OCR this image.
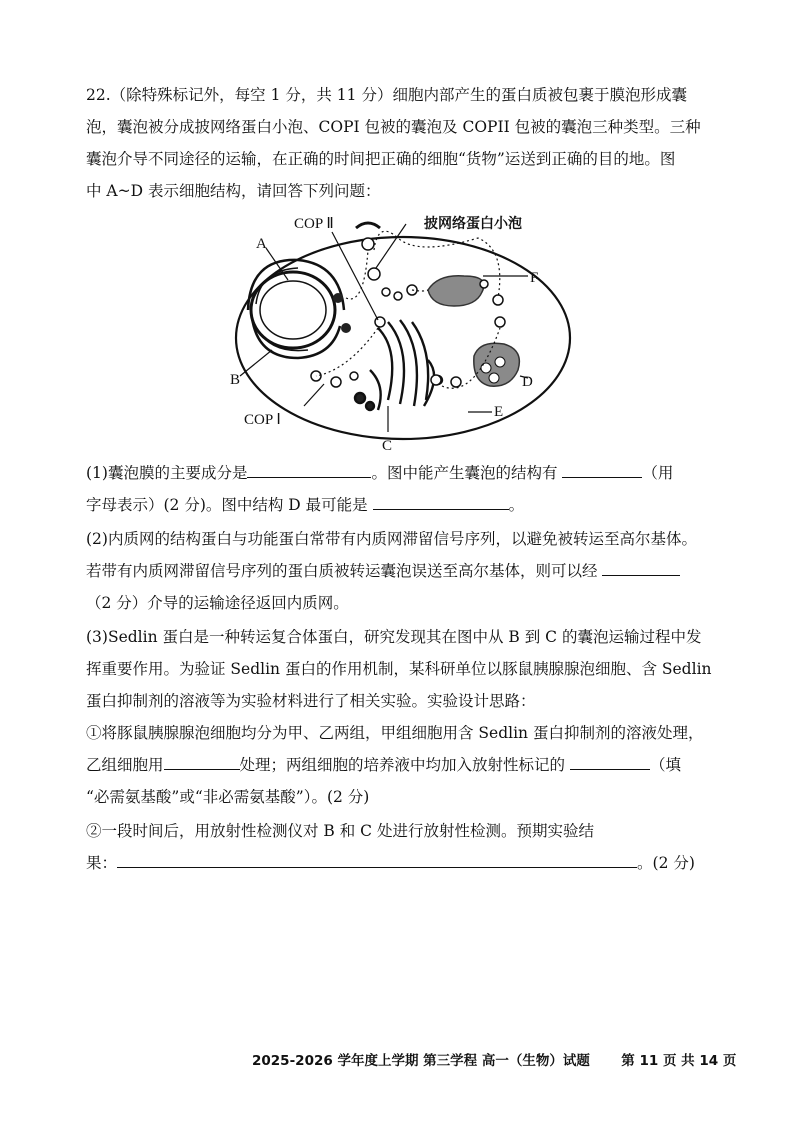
22.（除特殊标记外，每空 1 分，共 11 分）细胞内部产生的蛋白质被包裹于膜泡形成囊
泡，囊泡被分成披网络蛋白小泡、COPI 包被的囊泡及 COPII 包被的囊泡三种类型。三种
囊泡介导不同途径的运输，在正确的时间把正确的细胞“货物”运送到正确的目的地。图
中 A~D 表示细胞结构，请回答下列问题：
COP Ⅱ	披网络蛋白小泡
A
B
C
D
E
F
COP Ⅰ
(1)囊泡膜的主要成分是	。图中能产生囊泡的结构有	（用
字母表示）(2 分)。图中结构 D 最可能是	。
(2)内质网的结构蛋白与功能蛋白常带有内质网滞留信号序列，以避免被转运至高尔基体。
若带有内质网滞留信号序列的蛋白质被转运囊泡误送至高尔基体，则可以经
（2 分）介导的运输途径返回内质网。
(3)Sedlin 蛋白是一种转运复合体蛋白，研究发现其在图中从 B 到 C 的囊泡运输过程中发
挥重要作用。为验证 Sedlin 蛋白的作用机制，某科研单位以豚鼠胰腺腺泡细胞、含 Sedlin
蛋白抑制剂的溶液等为实验材料进行了相关实验。实验设计思路：
①将豚鼠胰腺腺泡细胞均分为甲、乙两组，甲组细胞用含 Sedlin 蛋白抑制剂的溶液处理，
乙组细胞用	处理；两组细胞的培养液中均加入放射性标记的	（填
“必需氨基酸”或“非必需氨基酸”）。(2 分)
②一段时间后，用放射性检测仪对 B 和 C 处进行放射性检测。预期实验结
果：	。(2 分)
2025-2026 学年度上学期 第三学程 高一（生物）试题 第 11 页 共 14 页
